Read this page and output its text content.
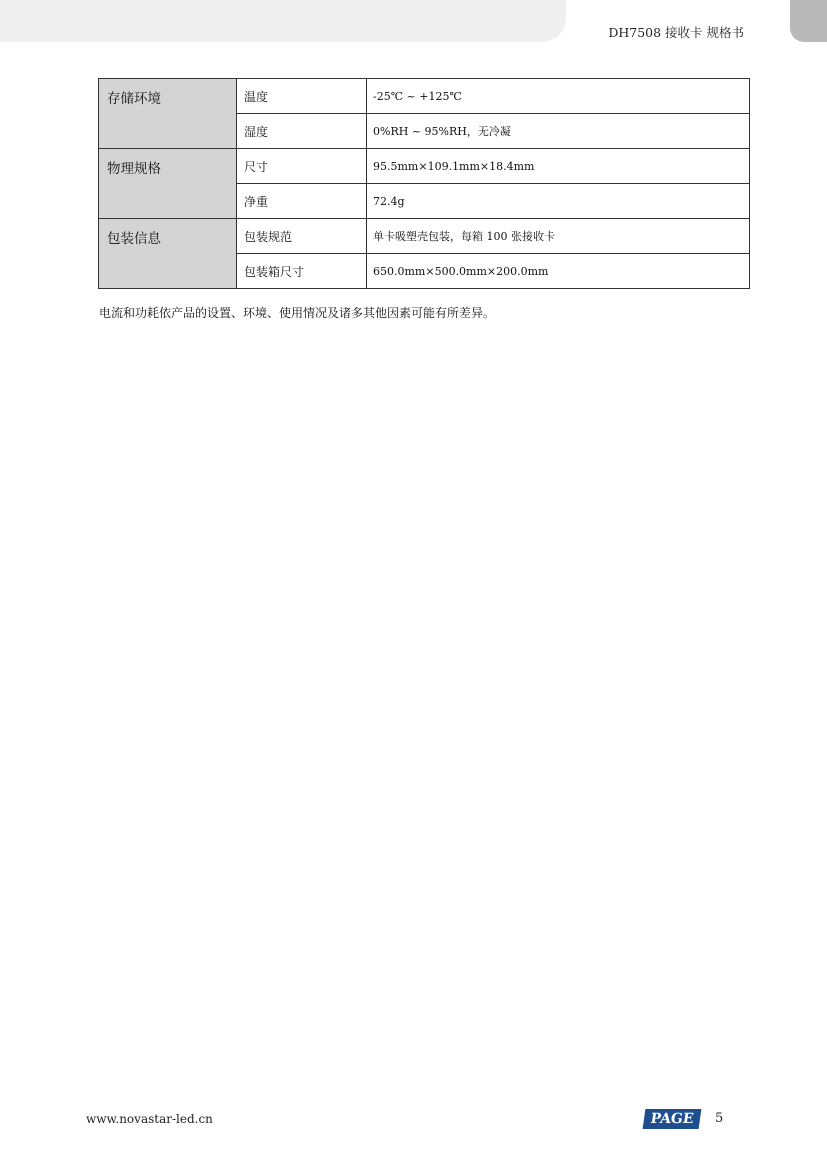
DH7508 接收卡 规格书
存储环境	温度	-25℃ ~ +125℃
	湿度	0%RH ~ 95%RH，无冷凝
物理规格	尺寸	95.5mm×109.1mm×18.4mm
	净重	72.4g
包装信息	包装规范	单卡吸塑壳包装，每箱 100 张接收卡
	包装箱尺寸	650.0mm×500.0mm×200.0mm
电流和功耗依产品的设置、环境、使用情况及诸多其他因素可能有所差异。
www.novastar-led.cn	PAGE	5
